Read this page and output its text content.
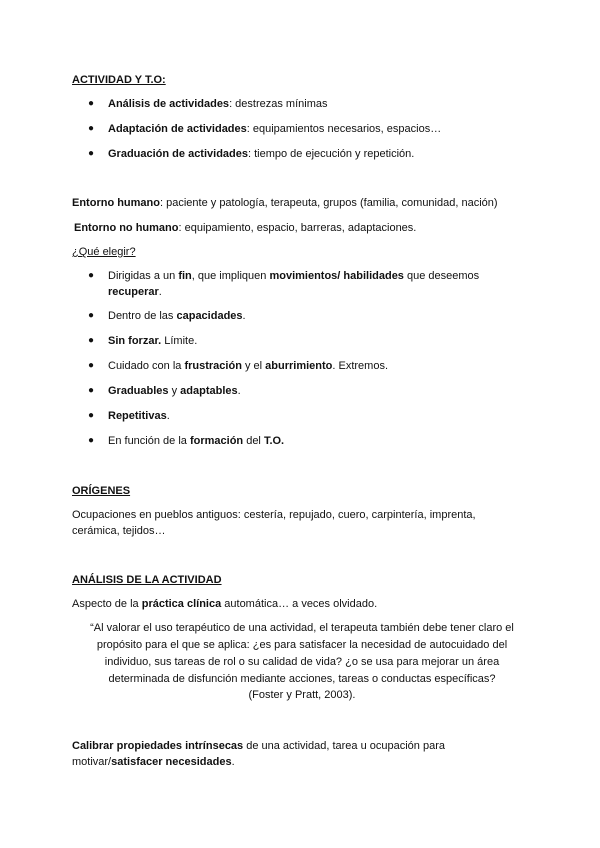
ACTIVIDAD Y T.O:
● Análisis de actividades: destrezas mínimas
● Adaptación de actividades: equipamientos necesarios, espacios…
● Graduación de actividades: tiempo de ejecución y repetición.
Entorno humano: paciente y patología, terapeuta, grupos (familia, comunidad, nación)
Entorno no humano: equipamiento, espacio, barreras, adaptaciones.
¿Qué elegir?
● Dirigidas a un fin, que impliquen movimientos/ habilidades que deseemos recuperar.
● Dentro de las capacidades.
● Sin forzar. Límite.
● Cuidado con la frustración y el aburrimiento. Extremos.
● Graduables y adaptables.
● Repetitivas.
● En función de la formación del T.O.
ORÍGENES
Ocupaciones en pueblos antiguos: cestería, repujado, cuero, carpintería, imprenta, cerámica, tejidos…
ANÁLISIS DE LA ACTIVIDAD
Aspecto de la práctica clínica automática… a veces olvidado.
“Al valorar el uso terapéutico de una actividad, el terapeuta también debe tener claro el propósito para el que se aplica: ¿es para satisfacer la necesidad de autocuidado del individuo, sus tareas de rol o su calidad de vida? ¿o se usa para mejorar un área determinada de disfunción mediante acciones, tareas o conductas específicas?
(Foster y Pratt, 2003).
Calibrar propiedades intrínsecas de una actividad, tarea u ocupación para motivar/satisfacer necesidades.
